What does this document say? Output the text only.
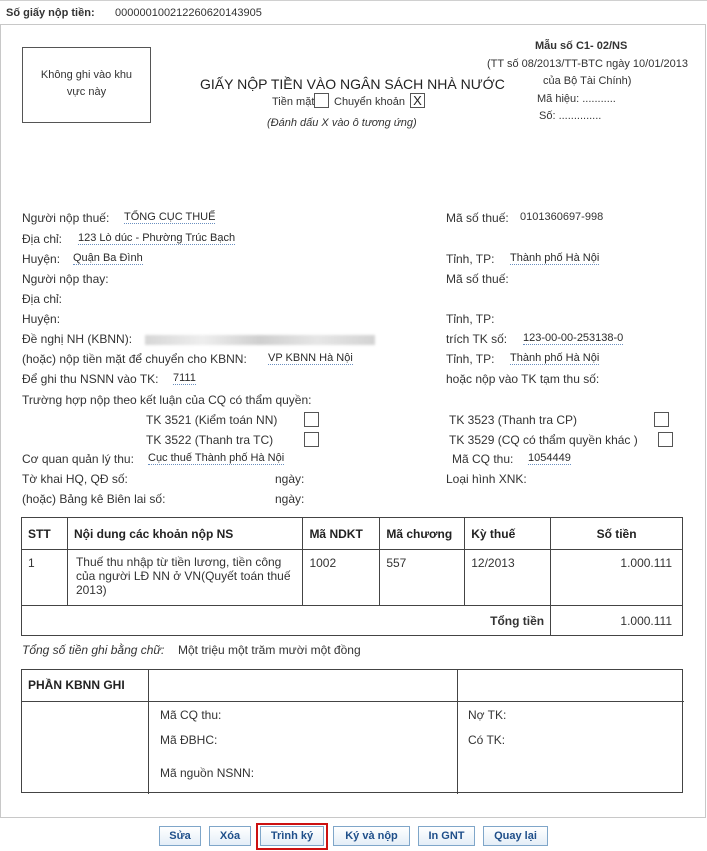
Số giấy nộp tiền: 000000100212260620143905
Không ghi vào khu
vực này	GIẤY NỘP TIỀN VÀO NGÂN SÁCH NHÀ NƯỚC
Tiền mặt Chuyển khoản X
(Đánh dấu X vào ô tương ứng)
Mẫu số C1- 02/NS
(TT số 08/2013/TT-BTC ngày 10/01/2013
của Bộ Tài Chính)
Mã hiệu: ...........
Số: ..............
Người nộp thuế: TỔNG CỤC THUẾ	Mã số thuế: 0101360697-998
Địa chỉ: 123 Lò dúc - Phường Trúc Bạch
Huyện: Quận Ba Đình	Tỉnh, TP: Thành phố Hà Nội
Người nộp thay:	Mã số thuế:
Địa chỉ:
Huyện:	Tỉnh, TP:
Đề nghị NH (KBNN):	trích TK số: 123-00-00-253138-0
(hoặc) nộp tiền mặt để chuyển cho KBNN: VP KBNN Hà Nội	Tỉnh, TP: Thành phố Hà Nội
Để ghi thu NSNN vào TK: 7111	hoặc nộp vào TK tạm thu số:
Trường hợp nộp theo kết luận của CQ có thẩm quyền:
TK 3521 (Kiểm toán NN)	TK 3523 (Thanh tra CP)
TK 3522 (Thanh tra TC)	TK 3529 (CQ có thẩm quyền khác )
Cơ quan quản lý thu: Cục thuế Thành phố Hà Nội	Mã CQ thu: 1054449
Tờ khai HQ, QĐ số:	ngày:	Loại hình XNK:
(hoặc) Bảng kê Biên lai số:	ngày:
STT	Nội dung các khoản nộp NS	Mã NDKT	Mã chương	Kỳ thuế	Số tiền
1	Thuế thu nhập từ tiền lương, tiền công của người LĐ NN ở VN(Quyết toán thuế 2013)	1002	557	12/2013	1.000.111
Tổng tiền					1.000.111
Tổng số tiền ghi bằng chữ: Một triệu một trăm mười một đồng
PHẦN KBNN GHI
Mã CQ thu:	Nợ TK:
Mã ĐBHC:	Có TK:
Mã nguồn NSNN:
Sửa	Xóa	Trình ký	Ký và nộp	In GNT	Quay lại
